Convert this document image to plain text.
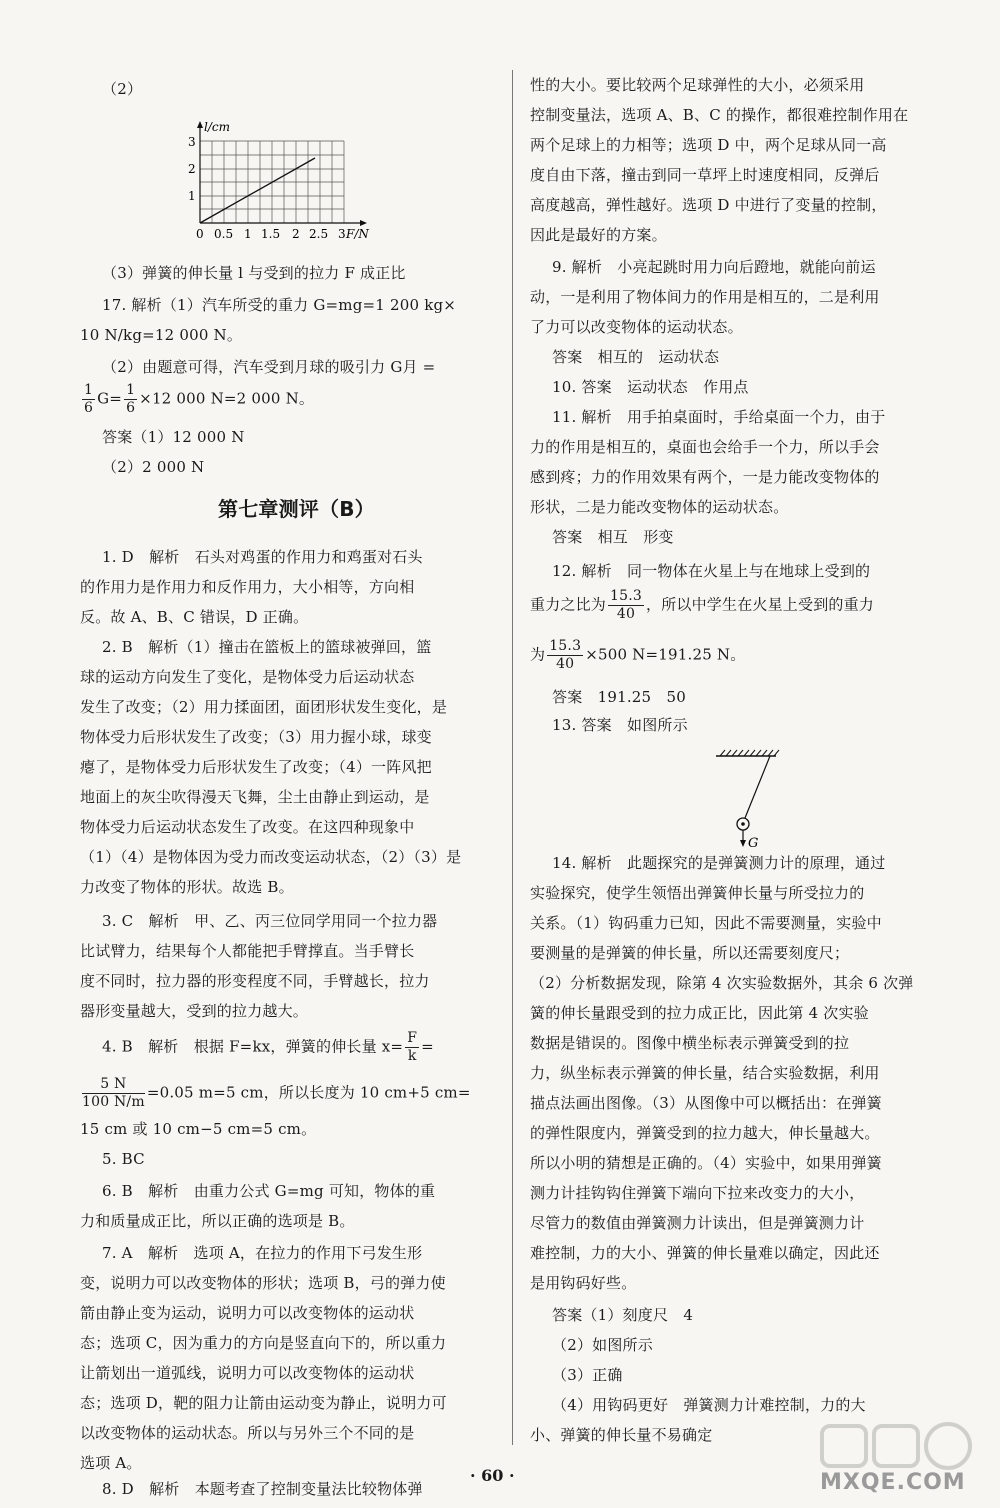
（2）
l/cm
F/N
1
2
3
0 0.5 1 1.5 2 2.5 3
（3）弹簧的伸长量 l 与受到的拉力 F 成正比
17. 解析（1）汽车所受的重力 G=mg=1 200 kg×
10 N/kg=12 000 N。
（2）由题意可得，汽车受到月球的吸引力 G月 =
$\frac{1}{6} G= \frac{1}{6} \times 12$ 000 N=2 000 N。
答案（1）12 000 N
（2）2 000 N
第七章测评（B）
1. D　解析　石头对鸡蛋的作用力和鸡蛋对石头
的作用力是作用力和反作用力，大小相等，方向相
反。故 A、B、C 错误，D 正确。
2. B　解析（1）撞击在篮板上的篮球被弹回，篮
球的运动方向发生了变化，是物体受力后运动状态
发生了改变；（2）用力揉面团，面团形状发生变化，是
物体受力后形状发生了改变；（3）用力握小球，球变
瘪了，是物体受力后形状发生了改变；（4）一阵风把
地面上的灰尘吹得漫天飞舞，尘土由静止到运动，是
物体受力后运动状态发生了改变。在这四种现象中
（1）（4）是物体因为受力而改变运动状态，（2）（3）是
力改变了物体的形状。故选 B。
3. C　解析　甲、乙、丙三位同学用同一个拉力器
比试臂力，结果每个人都能把手臂撑直。当手臂长
度不同时，拉力器的形变程度不同，手臂越长，拉力
器形变量越大，受到的拉力越大。
4. B　解析　根据 F=kx，弹簧的伸长量 $x= \frac{F}{k}$ =
$\frac{5 N}{100 N/m} =0.05$ m=5 cm，所以长度为 10 cm+5 cm=
15 cm 或 10 cm−5 cm=5 cm。
5. BC
6. B　解析　由重力公式 G=mg 可知，物体的重
力和质量成正比，所以正确的选项是 B。
7. A　解析　选项 A，在拉力的作用下弓发生形
变，说明力可以改变物体的形状；选项 B，弓的弹力使
箭由静止变为运动，说明力可以改变物体的运动状
态；选项 C，因为重力的方向是竖直向下的，所以重力
让箭划出一道弧线，说明力可以改变物体的运动状
态；选项 D，靶的阻力让箭由运动变为静止，说明力可
以改变物体的运动状态。所以与另外三个不同的是
选项 A。
8. D　解析　本题考查了控制变量法比较物体弹
性的大小。要比较两个足球弹性的大小，必须采用
控制变量法，选项 A、B、C 的操作，都很难控制作用在
两个足球上的力相等；选项 D 中，两个足球从同一高
度自由下落，撞击到同一草坪上时速度相同，反弹后
高度越高，弹性越好。选项 D 中进行了变量的控制，
因此是最好的方案。
9. 解析　小亮起跳时用力向后蹬地，就能向前运
动，一是利用了物体间力的作用是相互的，二是利用
了力可以改变物体的运动状态。
答案　相互的　运动状态
10. 答案　运动状态　作用点
11. 解析　用手拍桌面时，手给桌面一个力，由于
力的作用是相互的，桌面也会给手一个力，所以手会
感到疼；力的作用效果有两个，一是力能改变物体的
形状，二是力能改变物体的运动状态。
答案　相互　形变
12. 解析　同一物体在火星上与在地球上受到的
重力之比为 $\frac{15.3}{40}$ ，所以中学生在火星上受到的重力
为 $\frac{15.3}{40} \times 500$ N=191.25 N。
答案　191.25　50
13. 答案　如图所示
G
14. 解析　此题探究的是弹簧测力计的原理，通过
实验探究，使学生领悟出弹簧伸长量与所受拉力的
关系。（1）钩码重力已知，因此不需要测量，实验中
要测量的是弹簧的伸长量，所以还需要刻度尺；
（2）分析数据发现，除第 4 次实验数据外，其余 6 次弹
簧的伸长量跟受到的拉力成正比，因此第 4 次实验
数据是错误的。图像中横坐标表示弹簧受到的拉
力，纵坐标表示弹簧的伸长量，结合实验数据，利用
描点法画出图像。（3）从图像中可以概括出：在弹簧
的弹性限度内，弹簧受到的拉力越大，伸长量越大。
所以小明的猜想是正确的。（4）实验中，如果用弹簧
测力计挂钩钩住弹簧下端向下拉来改变力的大小，
尽管力的数值由弹簧测力计读出，但是弹簧测力计
难控制，力的大小、弹簧的伸长量难以确定，因此还
是用钩码好些。
答案（1）刻度尺　4
（2）如图所示
（3）正确
（4）用钩码更好　弹簧测力计难控制，力的大
小、弹簧的伸长量不易确定
· 60 ·	MXQE.COM
